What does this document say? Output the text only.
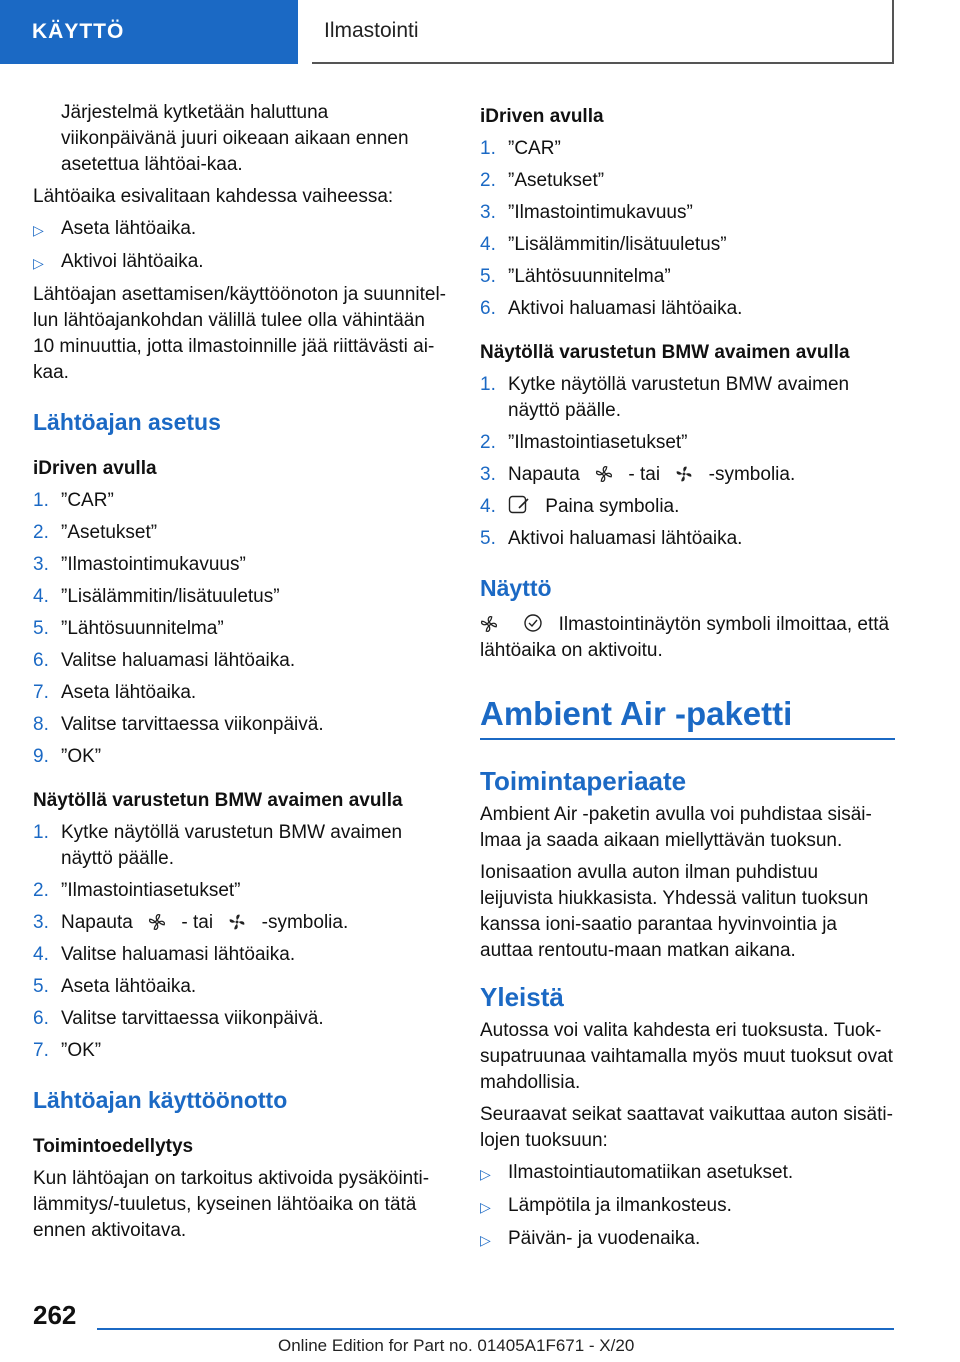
KÄYTTÖ	Ilmastointi
Järjestelmä kytketään haluttuna viikonpäivänä juuri oikeaan aikaan ennen asetettua lähtöai-kaa.
Lähtöaika esivalitaan kahdessa vaiheessa:
▷ Aseta lähtöaika.
▷ Aktivoi lähtöaika.
Lähtöajan asettamisen/käyttöönoton ja suunnitel-lun lähtöajankohdan välillä tulee olla vähintään 10 minuuttia, jotta ilmastoinnille jää riittävästi ai-kaa.
Lähtöajan asetus
iDriven avulla
1. ”CAR”
2. ”Asetukset”
3. ”Ilmastointimukavuus”
4. ”Lisälämmitin/lisätuuletus”
5. ”Lähtösuunnitelma”
6. Valitse haluamasi lähtöaika.
7. Aseta lähtöaika.
8. Valitse tarvittaessa viikonpäivä.
9. ”OK”
Näytöllä varustetun BMW avaimen avulla
1. Kytke näytöllä varustetun BMW avaimen näyttö päälle.
2. ”Ilmastointiasetukset”
3. Napauta	- tai	-symbolia.
4. Valitse haluamasi lähtöaika.
5. Aseta lähtöaika.
6. Valitse tarvittaessa viikonpäivä.
7. ”OK”
Lähtöajan käyttöönotto
Toimintoedellytys
Kun lähtöajan on tarkoitus aktivoida pysäköinti-lämmitys/-tuuletus, kyseinen lähtöaika on tätä ennen aktivoitava.
iDriven avulla
1. ”CAR”
2. ”Asetukset”
3. ”Ilmastointimukavuus”
4. ”Lisälämmitin/lisätuuletus”
5. ”Lähtösuunnitelma”
6. Aktivoi haluamasi lähtöaika.
Näytöllä varustetun BMW avaimen avulla
1. Kytke näytöllä varustetun BMW avaimen näyttö päälle.
2. ”Ilmastointiasetukset”
3. Napauta	- tai	-symbolia.
4.	Paina symbolia.
5. Aktivoi haluamasi lähtöaika.
Näyttö
Ilmastointinäytön symboli ilmoittaa, että
lähtöaika on aktivoitu.
Ambient Air -paketti
Toimintaperiaate
Ambient Air -paketin avulla voi puhdistaa sisäi-lmaa ja saada aikaan miellyttävän tuoksun.
Ionisaation avulla auton ilman puhdistuu leijuvista hiukkasista. Yhdessä valitun tuoksun kanssa ioni-saatio parantaa hyvinvointia ja auttaa rentoutu-maan matkan aikana.
Yleistä
Autossa voi valita kahdesta eri tuoksusta. Tuok-supatruunaa vaihtamalla myös muut tuoksut ovat mahdollisia.
Seuraavat seikat saattavat vaikuttaa auton sisäti-lojen tuoksuun:
▷ Ilmastointiautomatiikan asetukset.
▷ Lämpötila ja ilmankosteus.
▷ Päivän- ja vuodenaika.
262
Online Edition for Part no. 01405A1F671 - X/20
